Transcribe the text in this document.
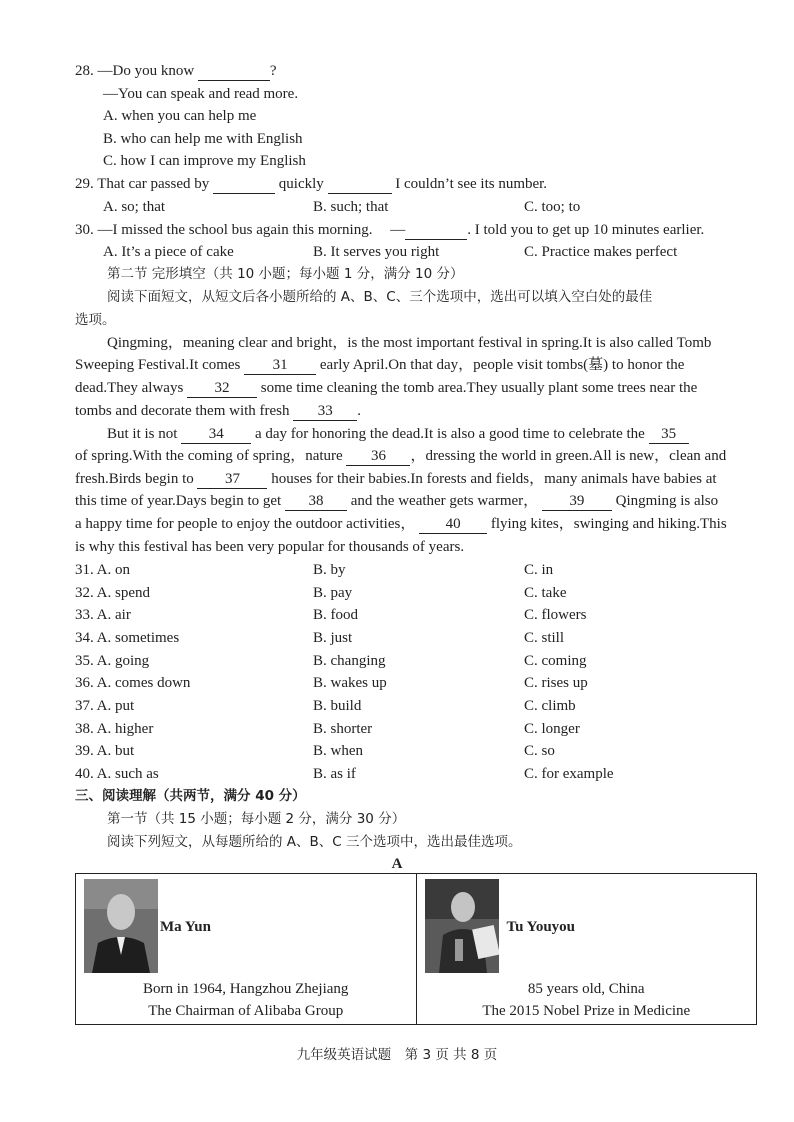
28. —Do you know	?
—You can speak and read more.
A. when you can help me
B. who can help me with English
C. how I can improve my English
29. That car passed by	quickly	I couldn’t see its number.
A. so; that	B. such; that	C. too; to
30. —I missed the school bus again this morning. —	. I told you to get up 10 minutes earlier.
A. It’s a piece of cake	B. It serves you right	C. Practice makes perfect
第二节 完形填空（共 10 小题；每小题 1 分，满分 10 分）
阅读下面短文，从短文后各小题所给的 A、B、C、三个选项中，选出可以填入空白处的最佳
选项。
Qingming，meaning clear and bright，is the most important festival in spring.It is also called Tomb
Sweeping Festival.It comes 31 early April.On that day，people visit tombs(墓) to honor the
dead.They always 32 some time cleaning the tomb area.They usually plant some trees near the
tombs and decorate them with fresh 33 .
But it is not 34 a day for honoring the dead.It is also a good time to celebrate the 35
of spring.With the coming of spring，nature 36 ，dressing the world in green.All is new，clean and
fresh.Birds begin to 37 houses for their babies.In forests and fields，many animals have babies at
this time of year.Days begin to get 38 and the weather gets warmer， 39 Qingming is also
a happy time for people to enjoy the outdoor activities， 40 flying kites，swinging and hiking.This
is why this festival has been very popular for thousands of years.
31. A. on	B. by	C. in
32. A. spend	B. pay	C. take
33. A. air	B. food	C. flowers
34. A. sometimes	B. just	C. still
35. A. going	B. changing	C. coming
36. A. comes down	B. wakes up	C. rises up
37. A. put	B. build	C. climb
38. A. higher	B. shorter	C. longer
39. A. but	B. when	C. so
40. A. such as	B. as if	C. for example
三、阅读理解（共两节，满分 40 分）
第一节（共 15 小题；每小题 2 分，满分 30 分）
阅读下列短文，从每题所给的 A、B、C 三个选项中，选出最佳选项。
A
Ma Yun
Born in 1964, Hangzhou Zhejiang
The Chairman of Alibaba Group

Tu Youyou
85 years old, China
The 2015 Nobel Prize in Medicine
九年级英语试题　第 3 页 共 8 页
